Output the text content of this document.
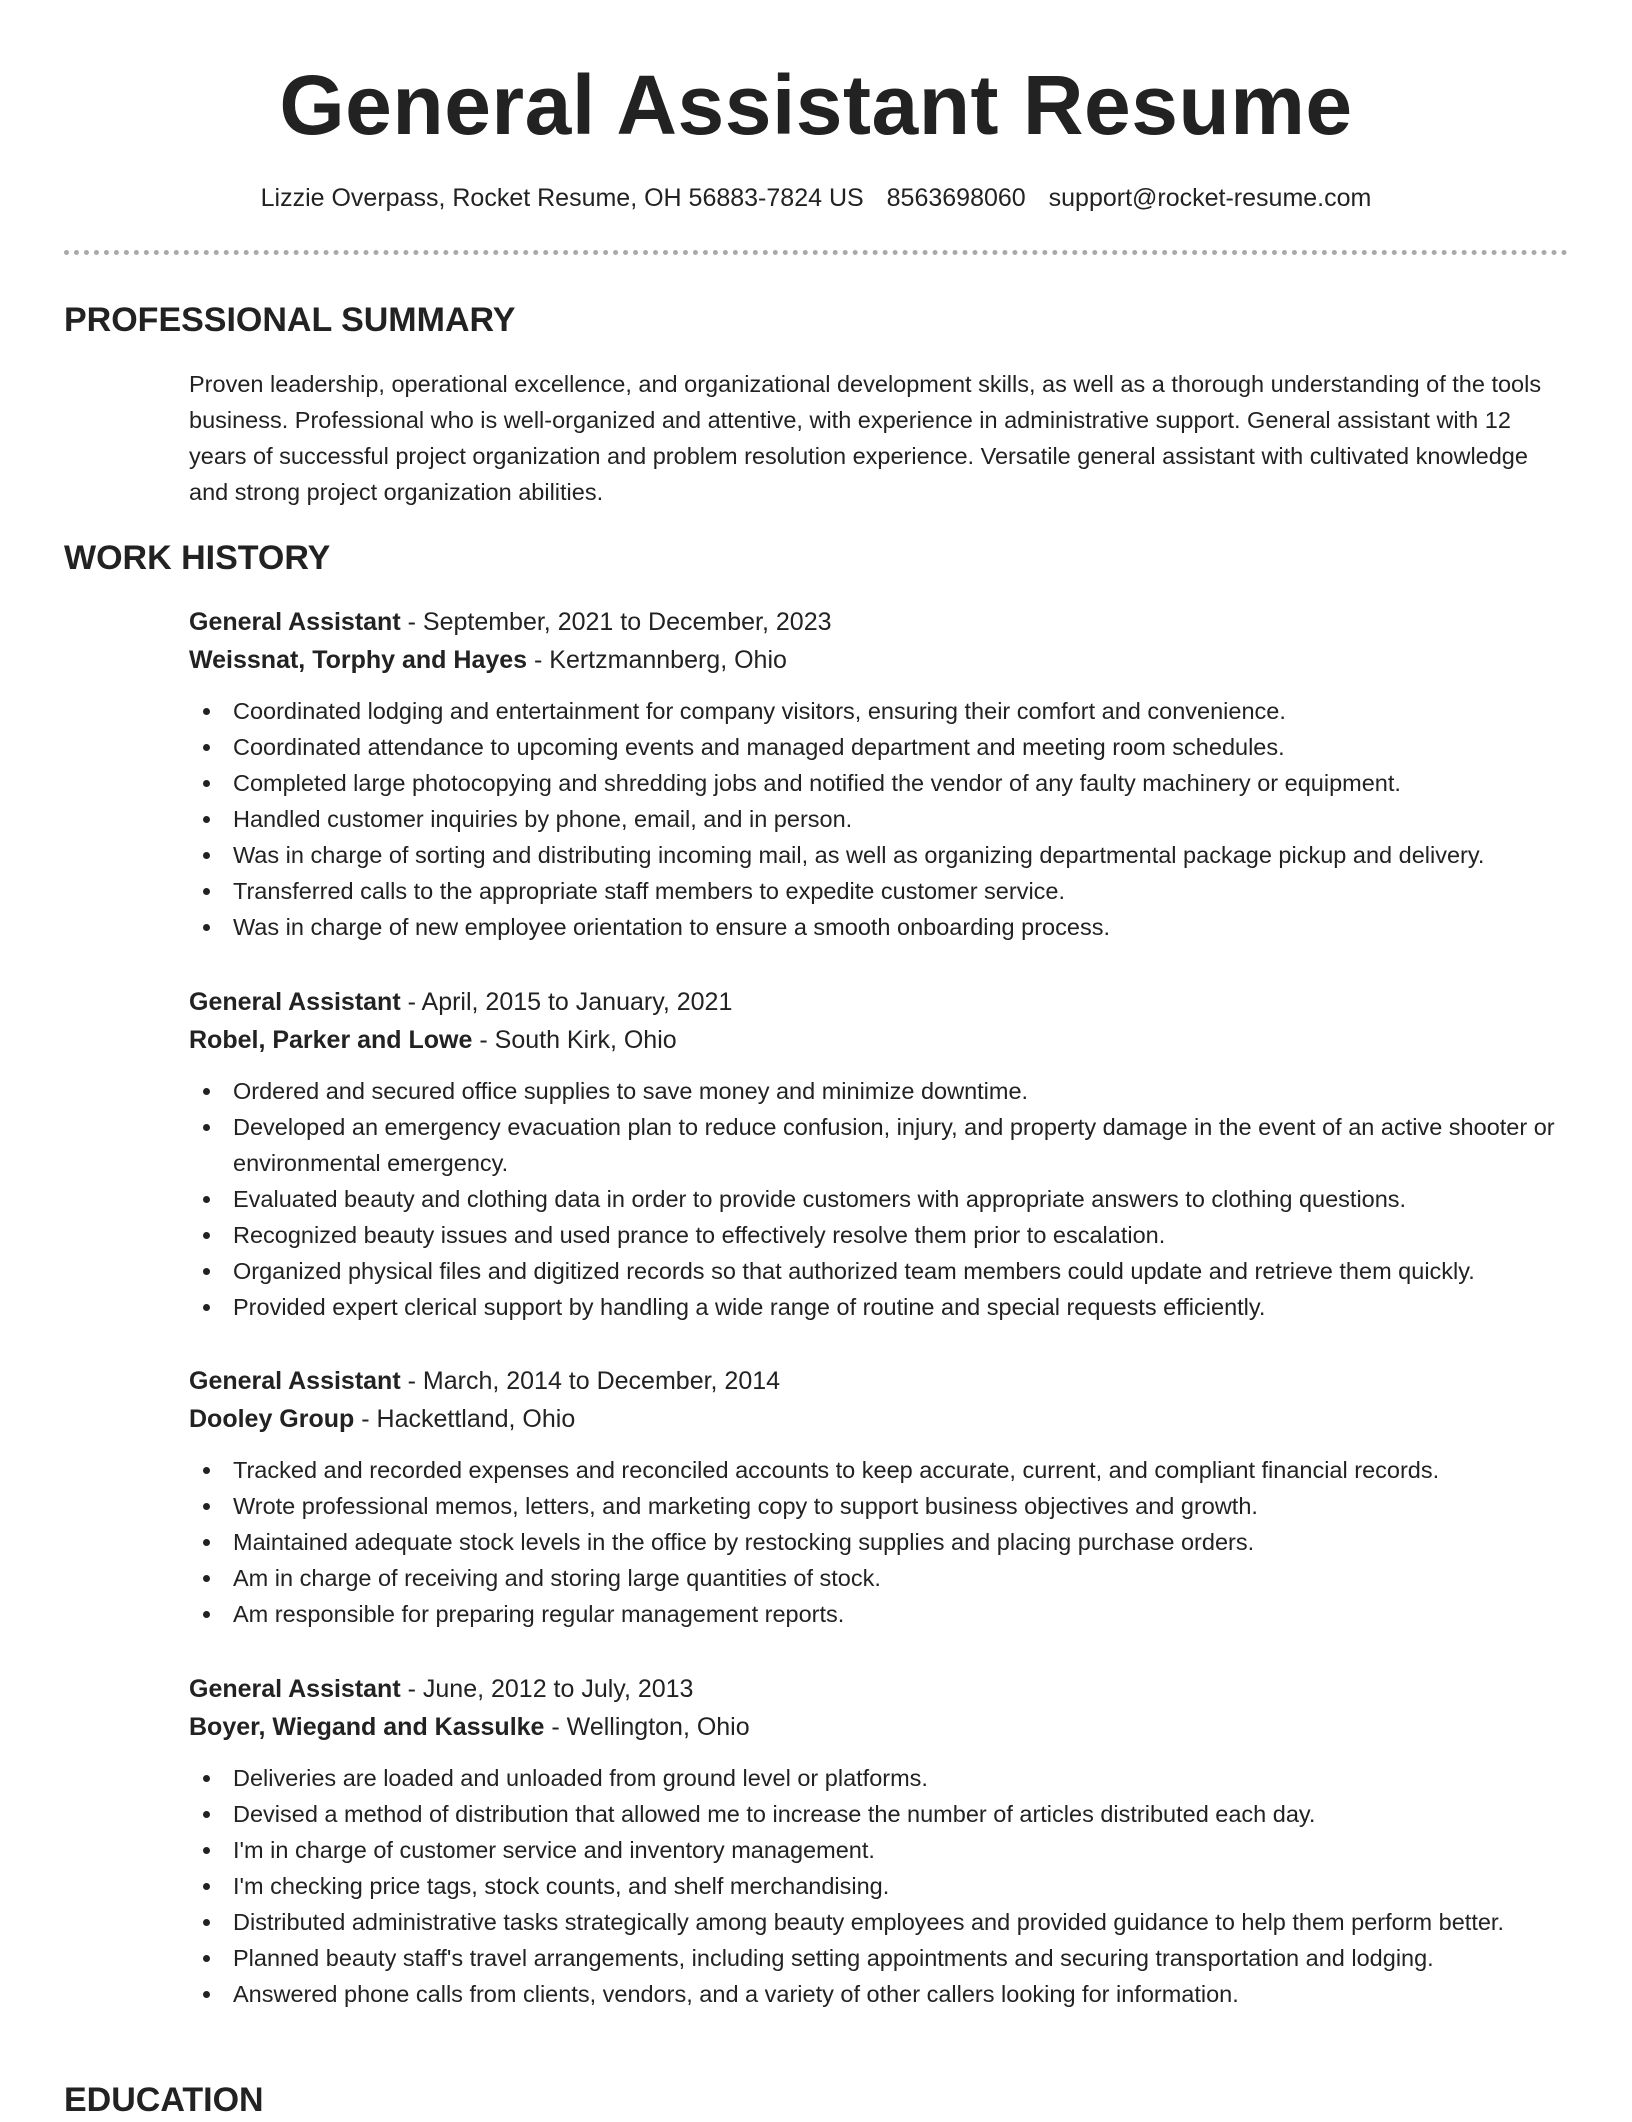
General Assistant Resume
Lizzie Overpass, Rocket Resume, OH 56883-7824 US 8563698060 support@rocket-resume.com
PROFESSIONAL SUMMARY

Proven leadership, operational excellence, and organizational development skills, as well as a thorough understanding of the tools business. Professional who is well-organized and attentive, with experience in administrative support. General assistant with 12 years of successful project organization and problem resolution experience. Versatile general assistant with cultivated knowledge and strong project organization abilities.

WORK HISTORY

General Assistant - September, 2021 to December, 2023

Weissnat, Torphy and Hayes - Kertzmannberg, Ohio

Coordinated lodging and entertainment for company visitors, ensuring their comfort and convenience.
Coordinated attendance to upcoming events and managed department and meeting room schedules.
Completed large photocopying and shredding jobs and notified the vendor of any faulty machinery or equipment.
Handled customer inquiries by phone, email, and in person.
Was in charge of sorting and distributing incoming mail, as well as organizing departmental package pickup and delivery.
Transferred calls to the appropriate staff members to expedite customer service.
Was in charge of new employee orientation to ensure a smooth onboarding process.

General Assistant - April, 2015 to January, 2021

Robel, Parker and Lowe - South Kirk, Ohio

Ordered and secured office supplies to save money and minimize downtime.
Developed an emergency evacuation plan to reduce confusion, injury, and property damage in the event of an active shooter or environmental emergency.
Evaluated beauty and clothing data in order to provide customers with appropriate answers to clothing questions.
Recognized beauty issues and used prance to effectively resolve them prior to escalation.
Organized physical files and digitized records so that authorized team members could update and retrieve them quickly.
Provided expert clerical support by handling a wide range of routine and special requests efficiently.

General Assistant - March, 2014 to December, 2014

Dooley Group - Hackettland, Ohio

Tracked and recorded expenses and reconciled accounts to keep accurate, current, and compliant financial records.
Wrote professional memos, letters, and marketing copy to support business objectives and growth.
Maintained adequate stock levels in the office by restocking supplies and placing purchase orders.
Am in charge of receiving and storing large quantities of stock.
Am responsible for preparing regular management reports.

General Assistant - June, 2012 to July, 2013

Boyer, Wiegand and Kassulke - Wellington, Ohio

Deliveries are loaded and unloaded from ground level or platforms.
Devised a method of distribution that allowed me to increase the number of articles distributed each day.
I'm in charge of customer service and inventory management.
I'm checking price tags, stock counts, and shelf merchandising.
Distributed administrative tasks strategically among beauty employees and provided guidance to help them perform better.
Planned beauty staff's travel arrangements, including setting appointments and securing transportation and lodging.
Answered phone calls from clients, vendors, and a variety of other callers looking for information.
EDUCATION
